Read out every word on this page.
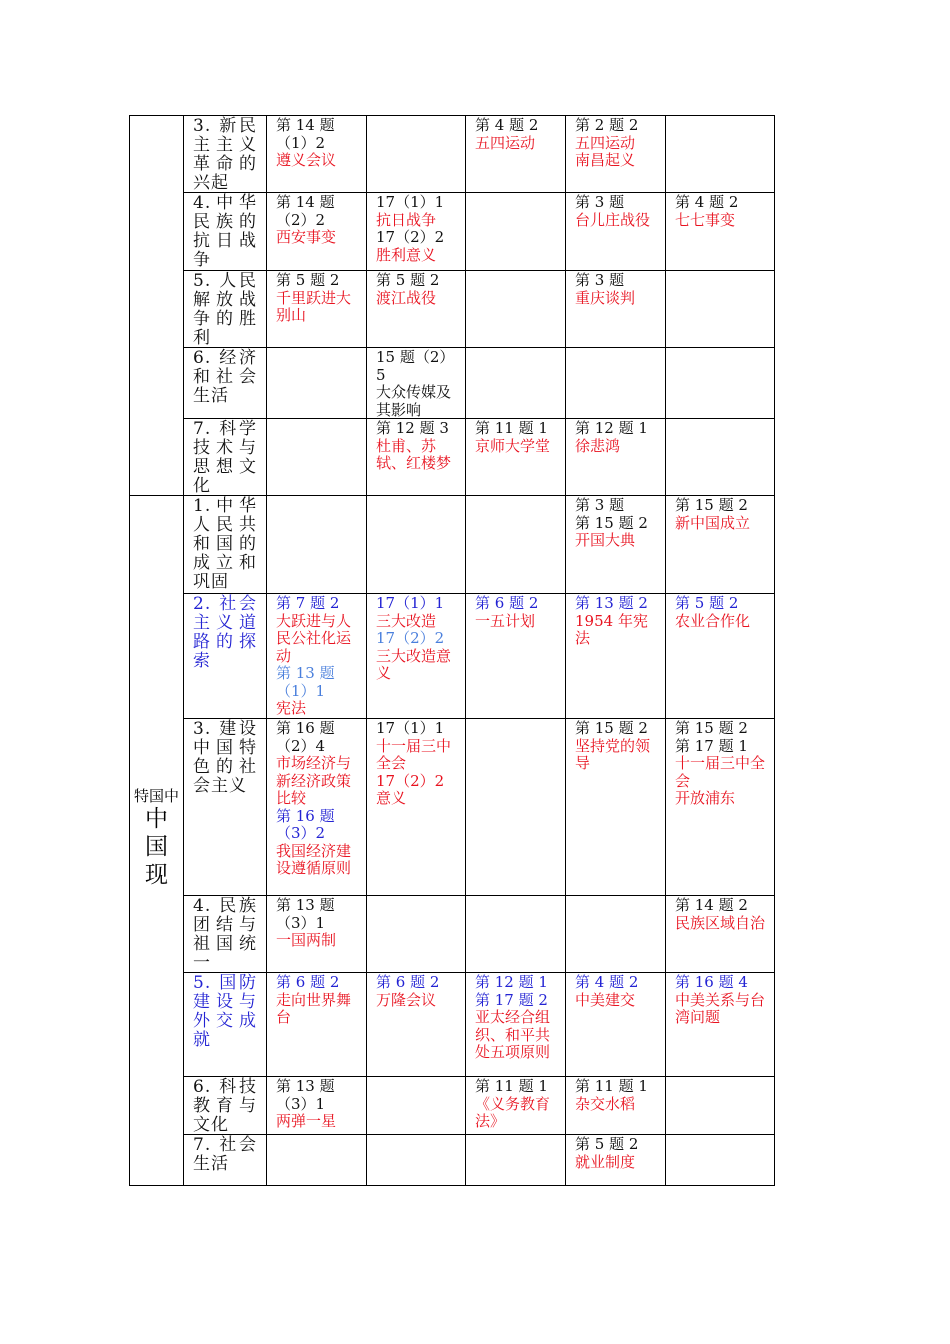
3. 新民主主义革命的兴起
第 14 题（1）2
遵义会议
第 4 题 2
五四运动
第 2 题 2
五四运动
南昌起义
4.中华民族的抗日战争
第 14 题（2）2
西安事变
17（1）1
抗日战争
17（2）2
胜利意义
第 3 题
台儿庄战役
第 4 题 2
七七事变
5. 人民解放战争的胜利
第 5 题 2
千里跃进大别山
第 5 题 2
渡江战役
第 3 题
重庆谈判
6. 经济和社会生活
15 题（2）5
大众传媒及其影响
7. 科学技术与思想文化
第 12 题 3
杜甫、苏轼、红楼梦
第 11 题 1
京师大学堂
第 12 题 1
徐悲鸿
1.中华人民共和国的成立和巩固
第 3 题
第 15 题 2
开国大典
第 15 题 2
新中国成立
2. 社会主义道路的探索
第 7 题 2
大跃进与人民公社化运动
第 13 题（1）1
宪法
17（1）1
三大改造
17（2）2
三大改造意义
第 6 题 2
一五计划
第 13 题 2
1954 年宪法
第 5 题 2
农业合作化
3. 建设中国特色的社会主义
第 16 题（2）4
市场经济与新经济政策比较
第 16 题（3）2
我国经济建设遵循原则
17（1）1
十一届三中全会
17（2）2
意义
第 15 题 2
坚持党的领导
第 15 题 2
第 17 题 1
十一届三中全会
开放浦东
4. 民族团结与祖国统一
第 13 题（3）1
一国两制
第 14 题 2
民族区域自治
5. 国防建设与外交成就
第 6 题 2
走向世界舞台
第 6 题 2
万隆会议
第 12 题 1
第 17 题 2
亚太经合组织、和平共处五项原则
第 4 题 2
中美建交
第 16 题 4
中美关系与台湾问题
6. 科技教育与文化
第 13 题（3）1
两弹一星
第 11 题 1
《义务教育法》
第 11 题 1
杂交水稻
7. 社会生活
第 5 题 2
就业制度
特国中
中
国
现
